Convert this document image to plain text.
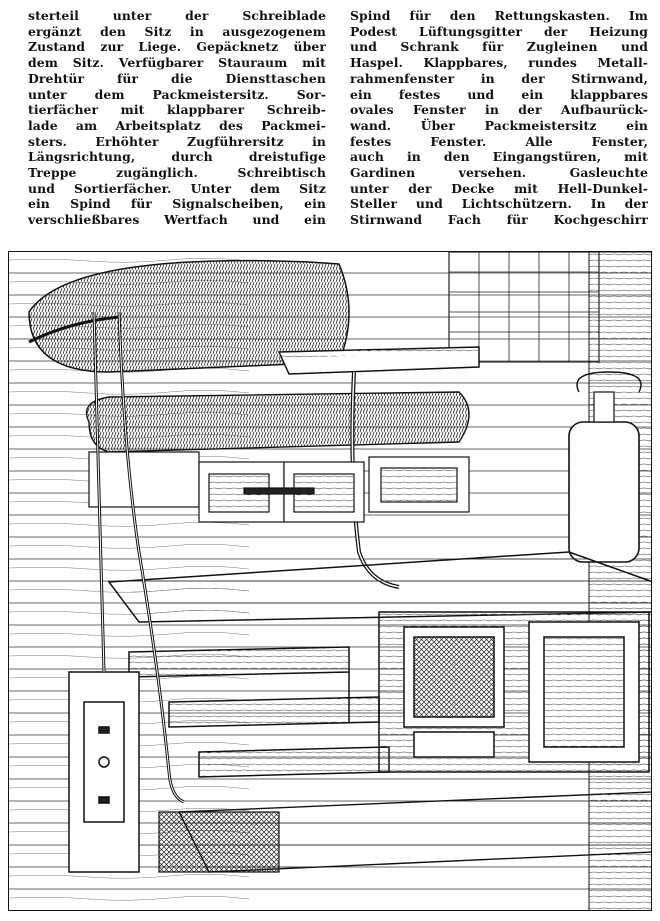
sterteil unter der Schreiblade
ergänzt den Sitz in ausgezogenem
Zustand zur Liege. Gepäcknetz über
dem Sitz. Verfügbarer Stauraum mit
Drehtür für die Diensttaschen
unter dem Packmeistersitz. Sor-
tierfächer mit klappbarer Schreib-
lade am Arbeitsplatz des Packmei-
sters. Erhöhter Zugführersitz in
Längsrichtung, durch dreistufige
Treppe zugänglich. Schreibtisch
und Sortierfächer. Unter dem Sitz
ein Spind für Signalscheiben, ein
verschließbares Wertfach und ein
Spind für den Rettungskasten. Im
Podest Lüftungsgitter der Heizung
und Schrank für Zugleinen und
Haspel. Klappbares, rundes Metall-
rahmenfenster in der Stirnwand,
ein festes und ein klappbares
ovales Fenster in der Aufbaurück-
wand. Über Packmeistersitz ein
festes Fenster. Alle Fenster,
auch in den Eingangstüren, mit
Gardinen versehen. Gasleuchte
unter der Decke mit Hell-Dunkel-
Steller und Lichtschützern. In der
Stirnwand Fach für Kochgeschirr
